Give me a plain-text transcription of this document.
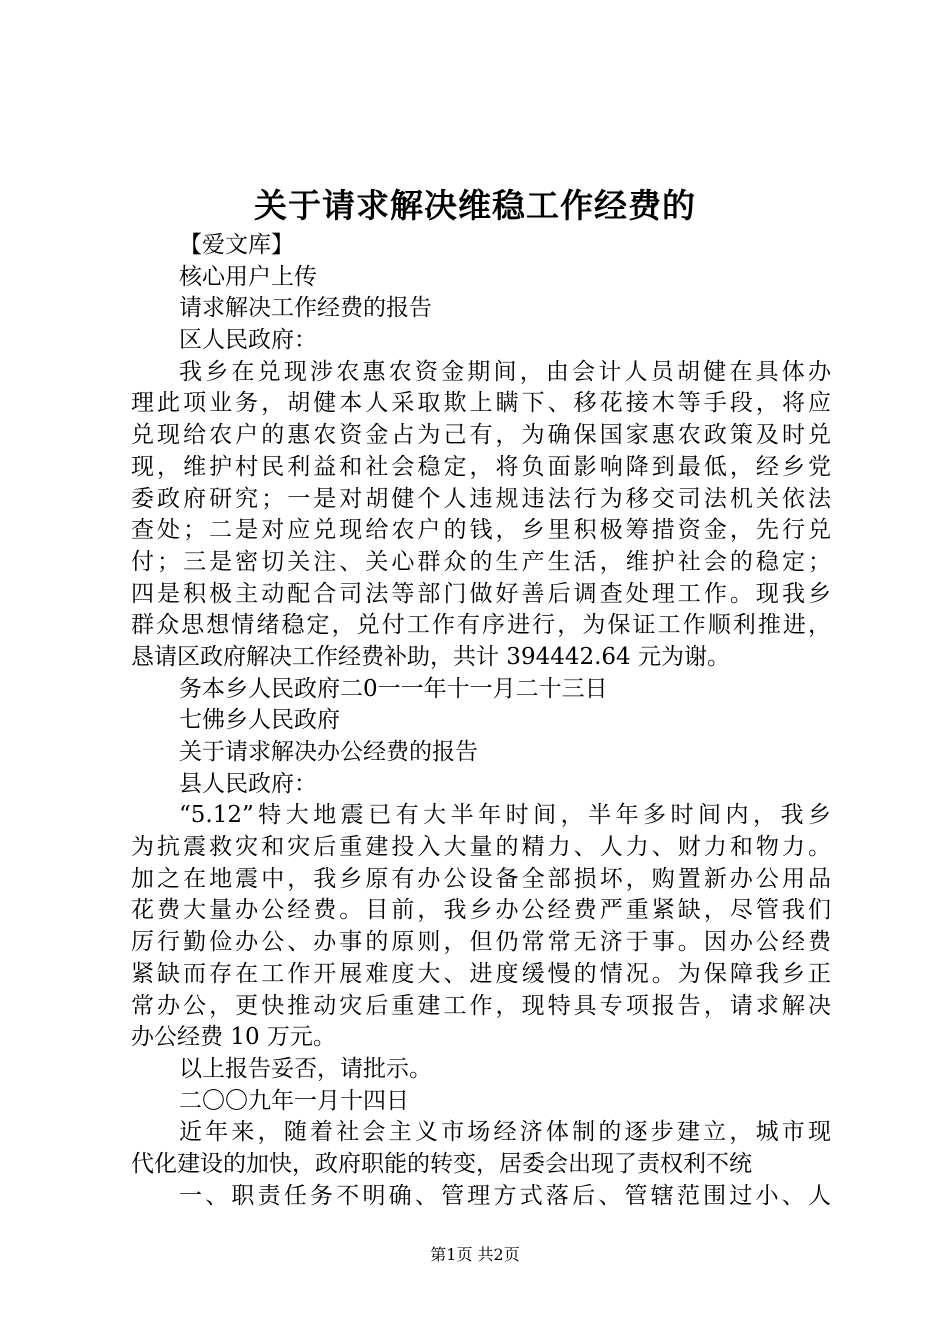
关于请求解决维稳工作经费的
【爱文库】
核心用户上传
请求解决工作经费的报告
区人民政府：
我乡在兑现涉农惠农资金期间，由会计人员胡健在具体办
理此项业务，胡健本人采取欺上瞒下、移花接木等手段，将应
兑现给农户的惠农资金占为己有，为确保国家惠农政策及时兑
现，维护村民利益和社会稳定，将负面影响降到最低，经乡党
委政府研究；一是对胡健个人违规违法行为移交司法机关依法
查处；二是对应兑现给农户的钱，乡里积极筹措资金，先行兑
付；三是密切关注、关心群众的生产生活，维护社会的稳定；
四是积极主动配合司法等部门做好善后调查处理工作。现我乡
群众思想情绪稳定，兑付工作有序进行，为保证工作顺利推进，
恳请区政府解决工作经费补助，共计 394442.64 元为谢。
务本乡人民政府二0一一年十一月二十三日
七佛乡人民政府
关于请求解决办公经费的报告
县人民政府：
“5.12”特大地震已有大半年时间，半年多时间内，我乡
为抗震救灾和灾后重建投入大量的精力、人力、财力和物力。
加之在地震中，我乡原有办公设备全部损坏，购置新办公用品
花费大量办公经费。目前，我乡办公经费严重紧缺，尽管我们
厉行勤俭办公、办事的原则，但仍常常无济于事。因办公经费
紧缺而存在工作开展难度大、进度缓慢的情况。为保障我乡正
常办公，更快推动灾后重建工作，现特具专项报告，请求解决
办公经费 10 万元。
以上报告妥否，请批示。
二〇〇九年一月十四日
近年来，随着社会主义市场经济体制的逐步建立，城市现
代化建设的加快，政府职能的转变，居委会出现了责权利不统
一、职责任务不明确、管理方式落后、管辖范围过小、人
第1页 共2页
